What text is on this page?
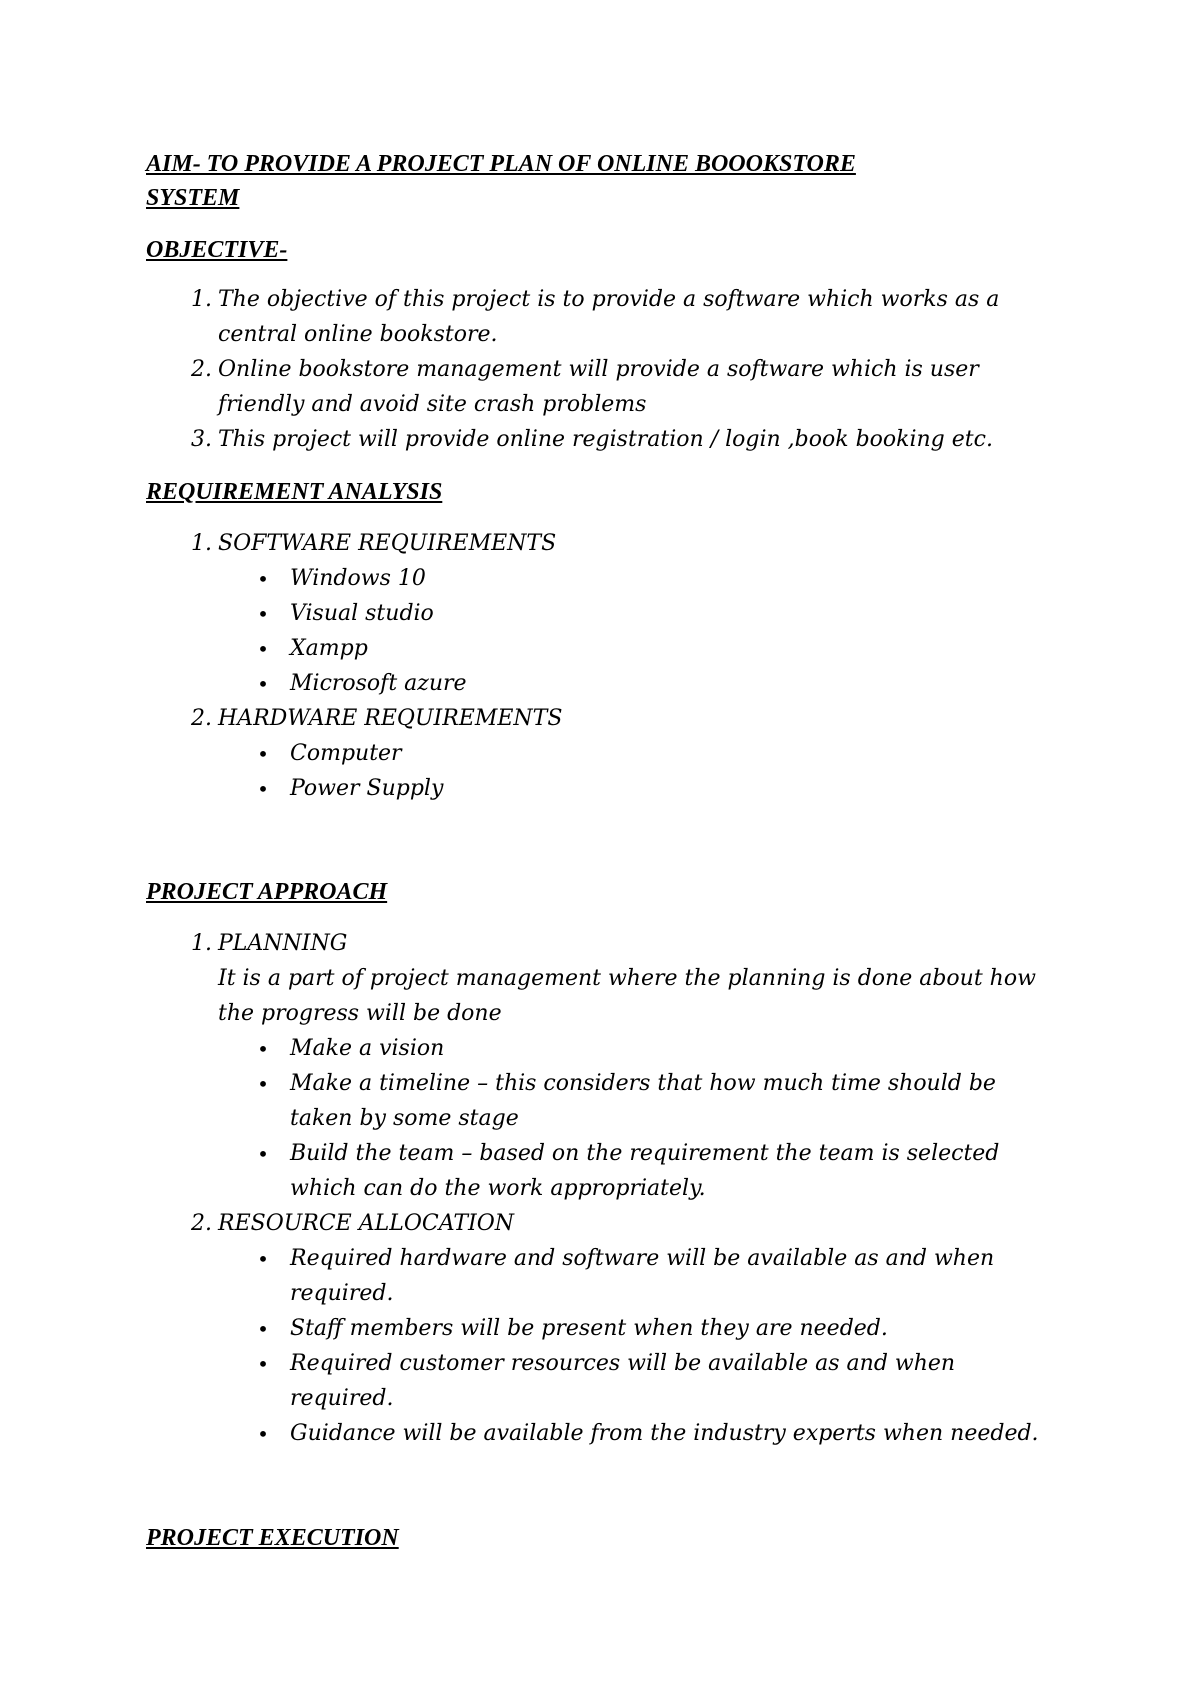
AIM- TO PROVIDE A PROJECT PLAN OF ONLINE BOOOKSTORE

SYSTEM

OBJECTIVE-

1. The objective of this project is to provide a software which works as a

central online bookstore.

2. Online bookstore management will provide a software which is user

friendly and avoid site crash problems

3. This project will provide online registration / login ,book booking etc.

REQUIREMENT ANALYSIS

1. SOFTWARE REQUIREMENTS

• Windows 10

• Visual studio

• Xampp

• Microsoft azure

2. HARDWARE REQUIREMENTS

• Computer

• Power Supply

PROJECT APPROACH

1. PLANNING

It is a part of project management where the planning is done about how

the progress will be done

• Make a vision

• Make a timeline – this considers that how much time should be

taken by some stage

• Build the team – based on the requirement the team is selected

which can do the work appropriately.

2. RESOURCE ALLOCATION

• Required hardware and software will be available as and when

required.

• Staff members will be present when they are needed.

• Required customer resources will be available as and when

required.

• Guidance will be available from the industry experts when needed.

PROJECT EXECUTION
